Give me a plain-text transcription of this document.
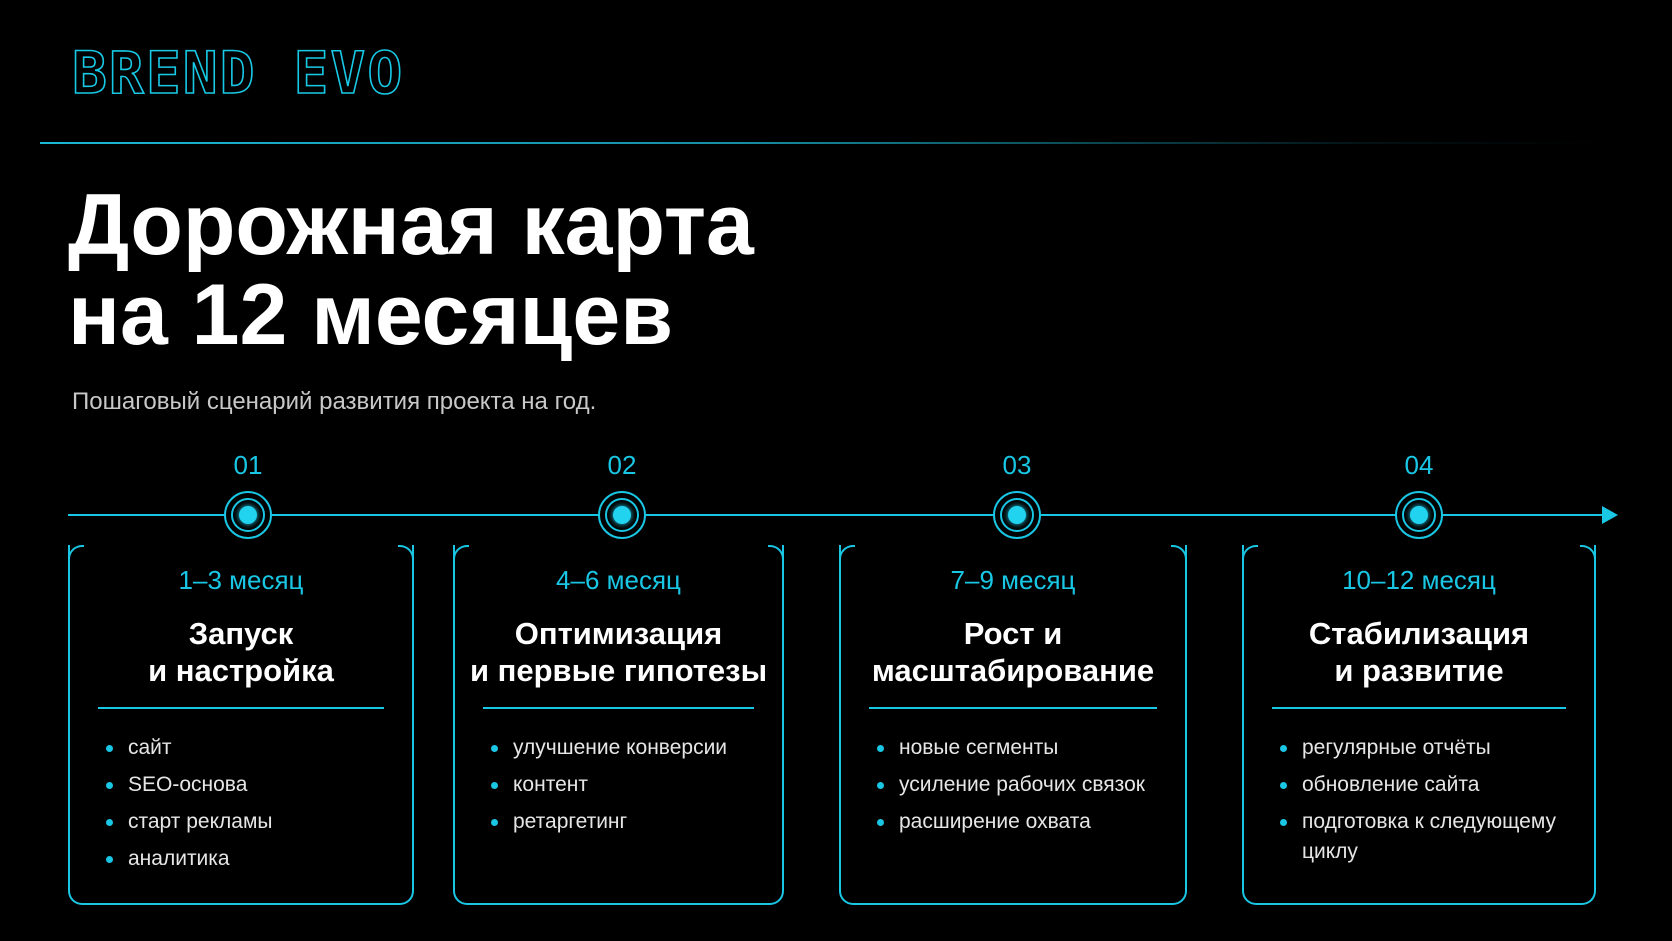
BREND EVO
Дорожная карта
на 12 месяцев
Пошаговый сценарий развития проекта на год.
01
1–3 месяц
Запуск
и настройка
сайт
SEO-основа
старт рекламы
аналитика
02
4–6 месяц
Оптимизация
и первые гипотезы
улучшение конверсии
контент
ретаргетинг
03
7–9 месяц
Рост и
масштабирование
новые сегменты
усиление рабочих связок
расширение охвата
04
10–12 месяц
Стабилизация
и развитие
регулярные отчёты
обновление сайта
подготовка к следующему циклу
